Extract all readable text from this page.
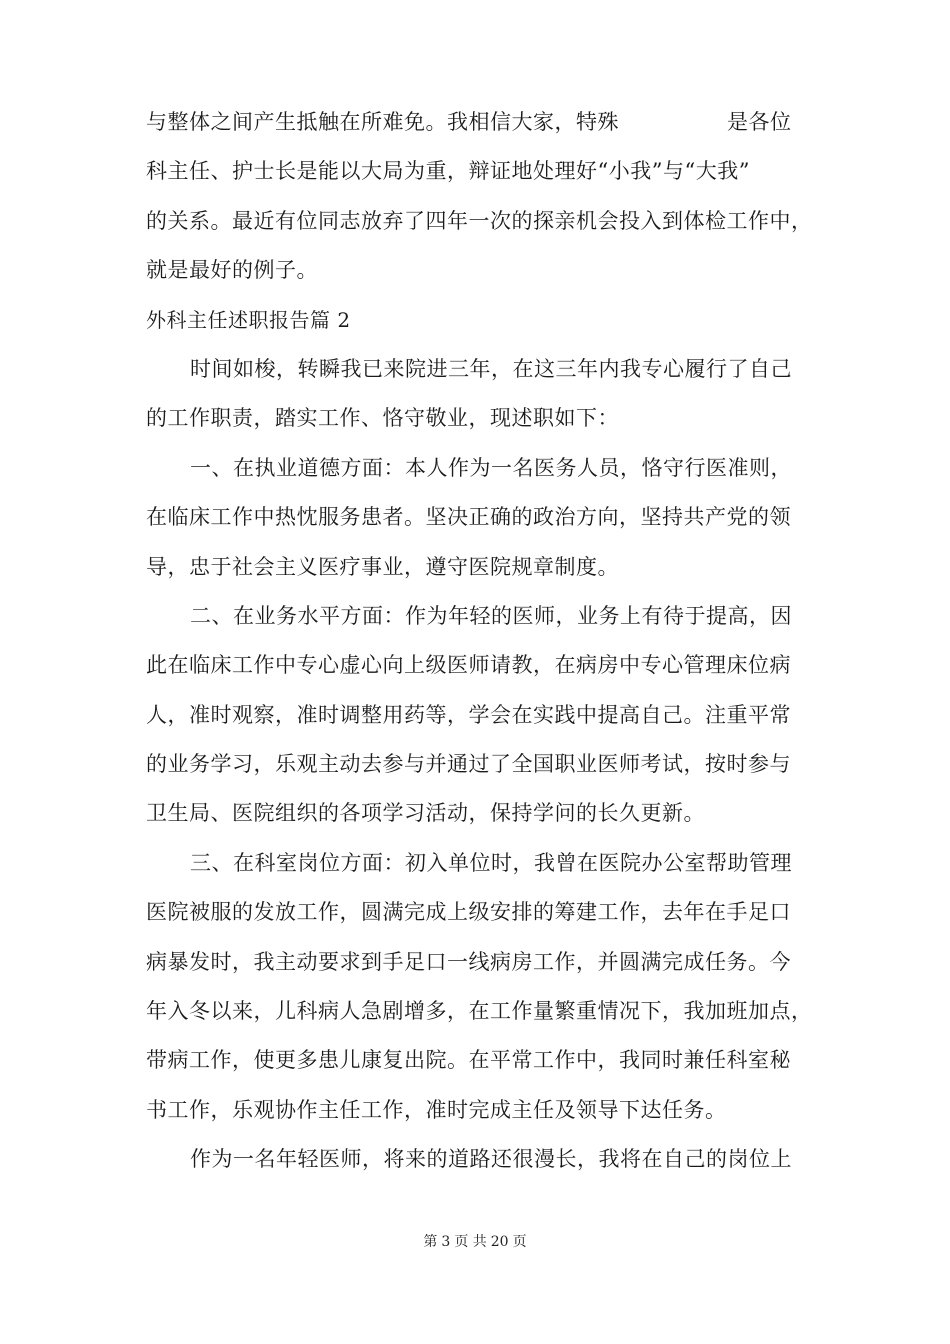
与整体之间产生抵触在所难免。我相信大家，特殊	是各位
科主任、护士长是能以大局为重，辩证地处理好“小我”与“大我”
的关系。最近有位同志放弃了四年一次的探亲机会投入到体检工作中，
就是最好的例子。
外科主任述职报告篇 2
时间如梭，转瞬我已来院进三年，在这三年内我专心履行了自己
的工作职责，踏实工作、恪守敬业，现述职如下：
一、在执业道德方面：本人作为一名医务人员，恪守行医准则，
在临床工作中热忱服务患者。坚决正确的政治方向，坚持共产党的领
导，忠于社会主义医疗事业，遵守医院规章制度。
二、在业务水平方面：作为年轻的医师，业务上有待于提高，因
此在临床工作中专心虚心向上级医师请教，在病房中专心管理床位病
人，准时观察，准时调整用药等，学会在实践中提高自己。注重平常
的业务学习，乐观主动去参与并通过了全国职业医师考试，按时参与
卫生局、医院组织的各项学习活动，保持学问的长久更新。
三、在科室岗位方面：初入单位时，我曾在医院办公室帮助管理
医院被服的发放工作，圆满完成上级安排的筹建工作，去年在手足口
病暴发时，我主动要求到手足口一线病房工作，并圆满完成任务。今
年入冬以来，儿科病人急剧增多，在工作量繁重情况下，我加班加点，
带病工作，使更多患儿康复出院。在平常工作中，我同时兼任科室秘
书工作，乐观协作主任工作，准时完成主任及领导下达任务。
作为一名年轻医师，将来的道路还很漫长，我将在自己的岗位上
第 3 页 共 20 页
